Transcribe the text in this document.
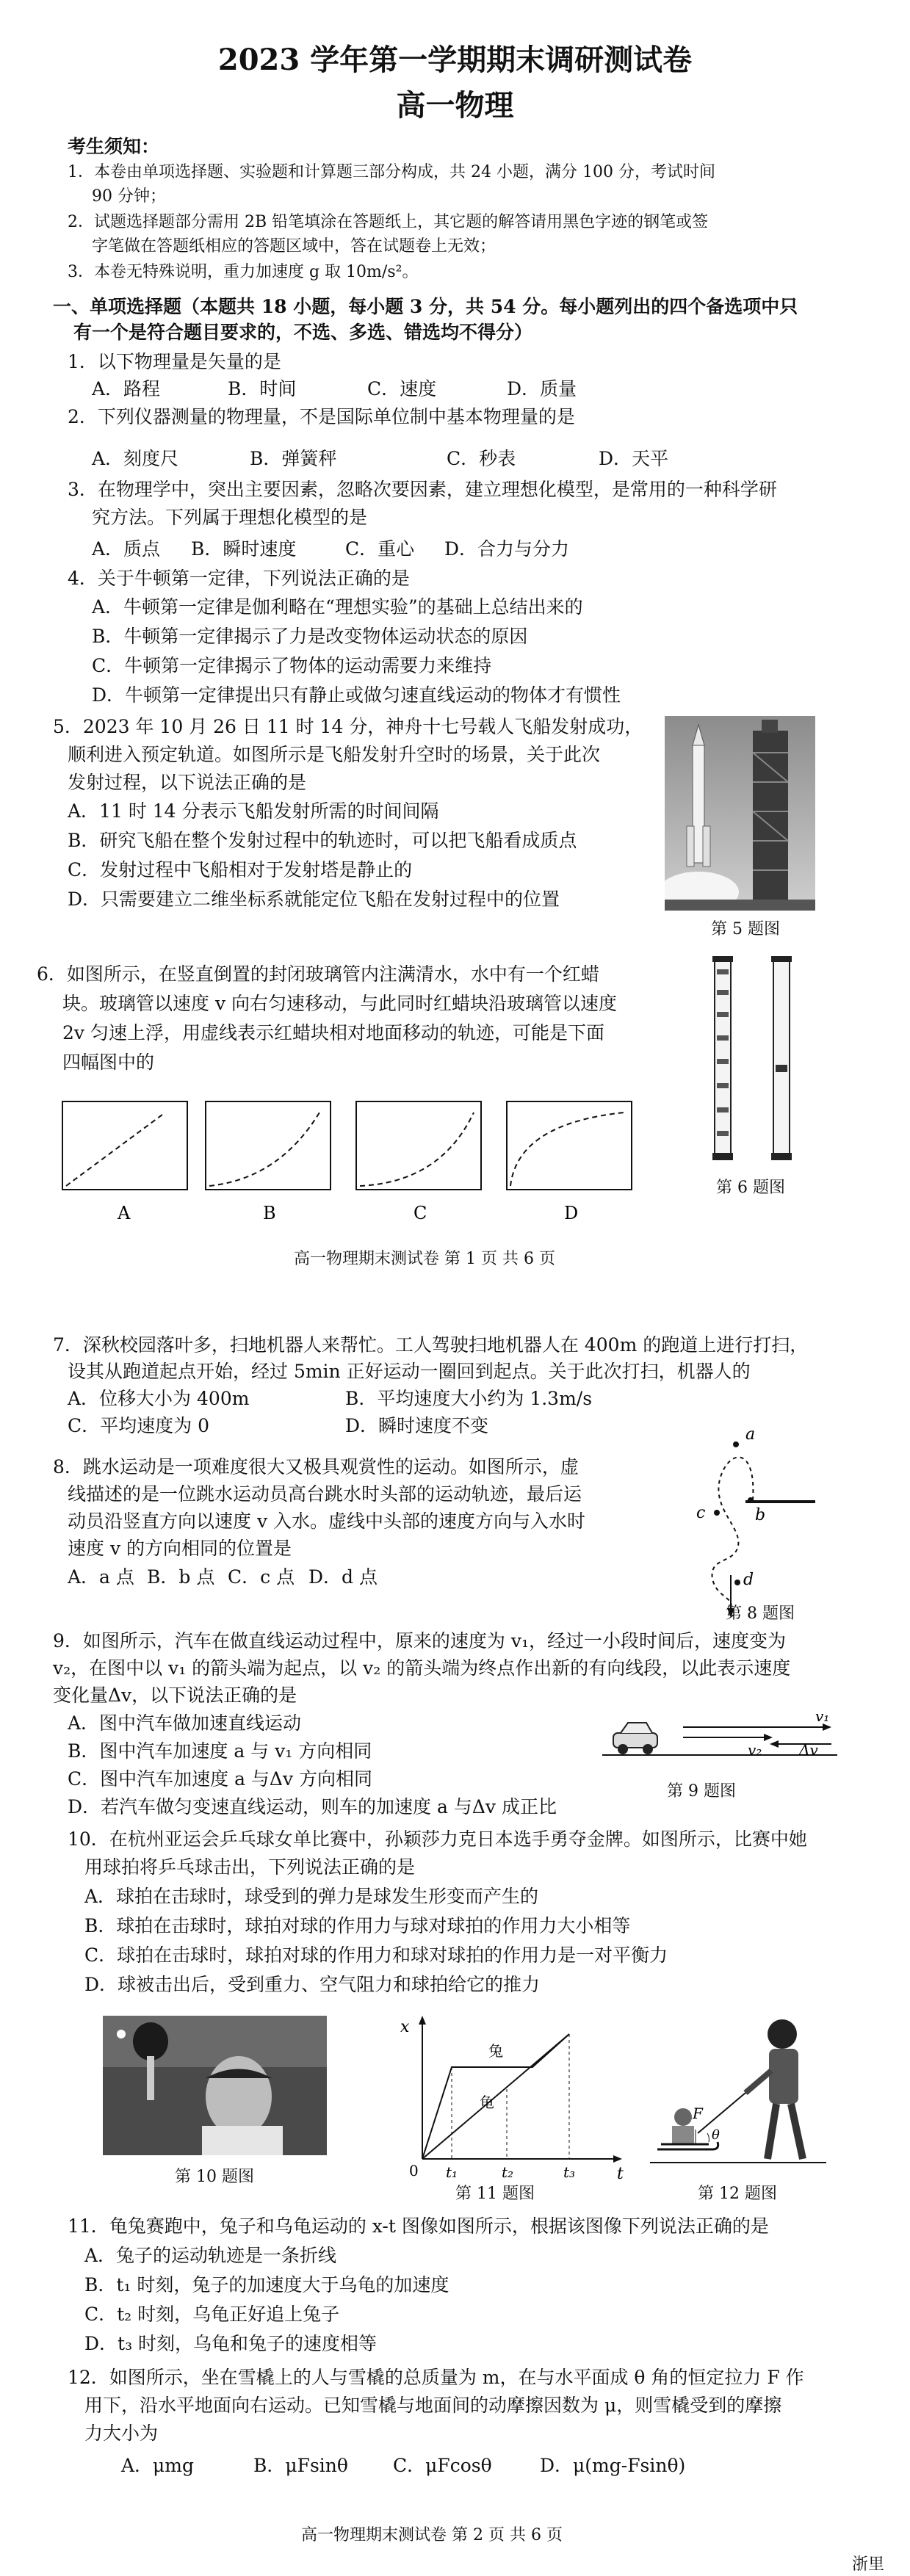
2023 学年第一学期期末调研测试卷
高一物理
考生须知：
1．本卷由单项选择题、实验题和计算题三部分构成，共 24 小题，满分 100 分，考试时间
90 分钟；
2．试题选择题部分需用 2B 铅笔填涂在答题纸上，其它题的解答请用黑色字迹的钢笔或签
字笔做在答题纸相应的答题区域中，答在试题卷上无效；
3．本卷无特殊说明，重力加速度 g 取 10m/s²。
一、单项选择题（本题共 18 小题，每小题 3 分，共 54 分。每小题列出的四个备选项中只
有一个是符合题目要求的，不选、多选、错选均不得分）
1．以下物理量是矢量的是
A．路程	B．时间	C．速度	D．质量
2．下列仪器测量的物理量，不是国际单位制中基本物理量的是
A．刻度尺	B．弹簧秤	C．秒表	D．天平
3．在物理学中，突出主要因素，忽略次要因素，建立理想化模型，是常用的一种科学研
究方法。下列属于理想化模型的是
A．质点 B．瞬时速度	C．重心 D．合力与分力
4．关于牛顿第一定律，下列说法正确的是
A．牛顿第一定律是伽利略在“理想实验”的基础上总结出来的
B．牛顿第一定律揭示了力是改变物体运动状态的原因
C．牛顿第一定律揭示了物体的运动需要力来维持
D．牛顿第一定律提出只有静止或做匀速直线运动的物体才有惯性
5．2023 年 10 月 26 日 11 时 14 分，神舟十七号载人飞船发射成功，
顺利进入预定轨道。如图所示是飞船发射升空时的场景，关于此次
发射过程，以下说法正确的是
A．11 时 14 分表示飞船发射所需的时间间隔
B．研究飞船在整个发射过程中的轨迹时，可以把飞船看成质点
C．发射过程中飞船相对于发射塔是静止的
D．只需要建立二维坐标系就能定位飞船在发射过程中的位置
第 5 题图
6．如图所示，在竖直倒置的封闭玻璃管内注满清水，水中有一个红蜡
块。玻璃管以速度 v 向右匀速移动，与此同时红蜡块沿玻璃管以速度
2v 匀速上浮，用虚线表示红蜡块相对地面移动的轨迹，可能是下面
四幅图中的
第 6 题图
A	B	C	D
高一物理期末测试卷 第 1 页 共 6 页
7．深秋校园落叶多，扫地机器人来帮忙。工人驾驶扫地机器人在 400m 的跑道上进行打扫，
设其从跑道起点开始，经过 5min 正好运动一圈回到起点。关于此次打扫，机器人的
A．位移大小为 400m	B．平均速度大小约为 1.3m/s
C．平均速度为 0	D．瞬时速度不变
8．跳水运动是一项难度很大又极具观赏性的运动。如图所示，虚
线描述的是一位跳水运动员高台跳水时头部的运动轨迹，最后运
动员沿竖直方向以速度 v 入水。虚线中头部的速度方向与入水时
速度 v 的方向相同的位置是
A．a 点 B．b 点 C．c 点 D．d 点
a
b
c
d
第 8 题图
9．如图所示，汽车在做直线运动过程中，原来的速度为 v₁，经过一小段时间后，速度变为
v₂，在图中以 v₁ 的箭头端为起点，以 v₂ 的箭头端为终点作出新的有向线段，以此表示速度
变化量Δv，以下说法正确的是
A．图中汽车做加速直线运动
B．图中汽车加速度 a 与 v₁ 方向相同
C．图中汽车加速度 a 与Δv 方向相同
D．若汽车做匀变速直线运动，则车的加速度 a 与Δv 成正比
v₁
v₂	Δv
第 9 题图
10．在杭州亚运会乒乓球女单比赛中，孙颖莎力克日本选手勇夺金牌。如图所示，比赛中她
用球拍将乒乓球击出，下列说法正确的是
A．球拍在击球时，球受到的弹力是球发生形变而产生的
B．球拍在击球时，球拍对球的作用力与球对球拍的作用力大小相等
C．球拍在击球时，球拍对球的作用力和球对球拍的作用力是一对平衡力
D．球被击出后，受到重力、空气阻力和球拍给它的推力
第 10 题图
x
t
0
兔
龟
t₁	t₂	t₃
第 11 题图
F
θ
第 12 题图
11．龟兔赛跑中，兔子和乌龟运动的 x-t 图像如图所示，根据该图像下列说法正确的是
A．兔子的运动轨迹是一条折线
B．t₁ 时刻，兔子的加速度大于乌龟的加速度
C．t₂ 时刻，乌龟正好追上兔子
D．t₃ 时刻，乌龟和兔子的速度相等
12．如图所示，坐在雪橇上的人与雪橇的总质量为 m，在与水平面成 θ 角的恒定拉力 F 作
用下，沿水平地面向右运动。已知雪橇与地面间的动摩擦因数为 μ，则雪橇受到的摩擦
力大小为
A．μmg	B．μFsinθ C．μFcosθ	D．μ(mg-Fsinθ)
高一物理期末测试卷 第 2 页 共 6 页
浙里
